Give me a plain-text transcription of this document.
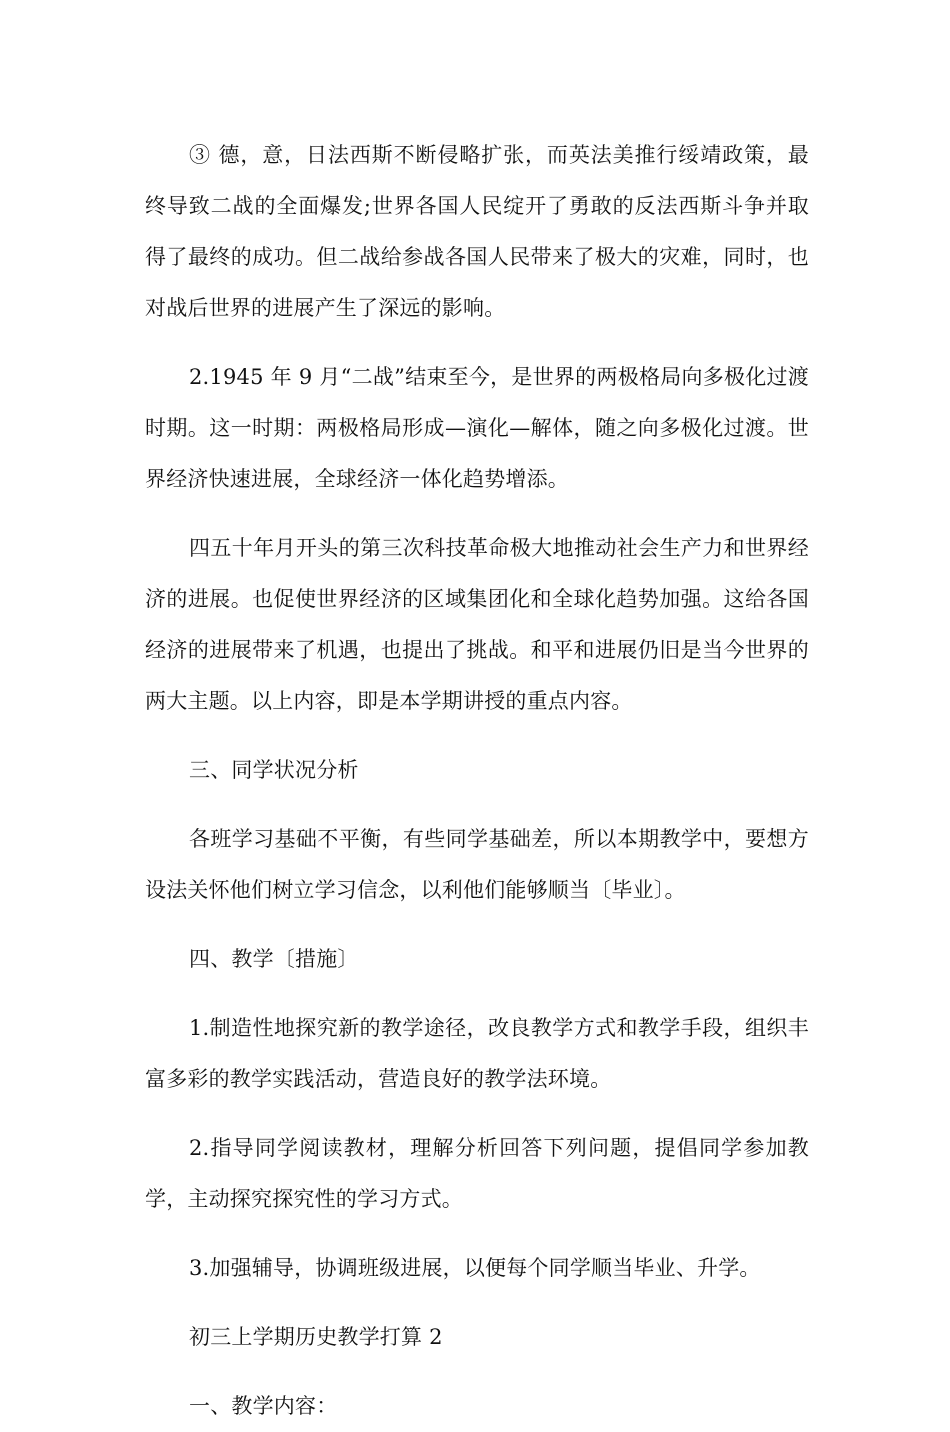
③ 德，意，日法西斯不断侵略扩张，而英法美推行绥靖政策，最终导致二战的全面爆发;世界各国人民绽开了勇敢的反法西斯斗争并取得了最终的成功。但二战给参战各国人民带来了极大的灾难，同时，也对战后世界的进展产生了深远的影响。

2.1945 年 9 月“二战”结束至今，是世界的两极格局向多极化过渡时期。这一时期：两极格局形成—演化—解体，随之向多极化过渡。世界经济快速进展，全球经济一体化趋势增添。

四五十年月开头的第三次科技革命极大地推动社会生产力和世界经济的进展。也促使世界经济的区域集团化和全球化趋势加强。这给各国经济的进展带来了机遇，也提出了挑战。和平和进展仍旧是当今世界的两大主题。以上内容，即是本学期讲授的重点内容。

三、同学状况分析

各班学习基础不平衡，有些同学基础差，所以本期教学中，要想方设法关怀他们树立学习信念，以利他们能够顺当〔毕业〕。

四、教学〔措施〕

1.制造性地探究新的教学途径，改良教学方式和教学手段，组织丰富多彩的教学实践活动，营造良好的教学法环境。

2.指导同学阅读教材，理解分析回答下列问题，提倡同学参加教学，主动探究探究性的学习方式。

3.加强辅导，协调班级进展，以便每个同学顺当毕业、升学。

初三上学期历史教学打算 2

一、教学内容：
